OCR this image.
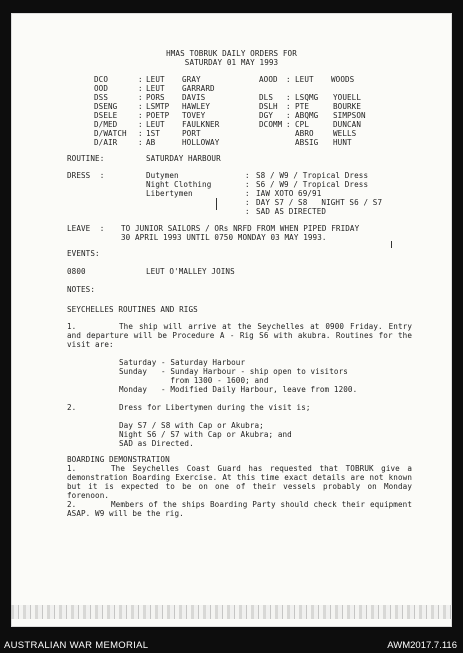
HMAS TOBRUK DAILY ORDERS FOR
SATURDAY 01 MAY 1993
DCO	: LEUT GRAY
OOD	: LEUT GARRARD
DSS	: PORS DAVIS
DSENG	: LSMTP HAWLEY
DSELE	: POETP TOVEY
D/MED	: LEUT FAULKNER
D/WATCH : 1ST	PORT
D/AIR	: AB	HOLLOWAY
AOOD : LEUT WOODS
DLS : LSQMG YOUELL
DSLH : PTE	BOURKE
DGY : ABQMG SIMPSON
DCOMM : CPL	DUNCAN
ABRO	WELLS
ABSIG HUNT
ROUTINE:	SATURDAY HARBOUR
DRESS  :	Dutymen	: S8 / W9 / Tropical Dress
Night Clothing	: S6 / W9 / Tropical Dress
Libertymen	: IAW XOTO 69/91
: DAY S7 / S8   NIGHT S6 / S7
: SAD AS DIRECTED
LEAVE  : TO JUNIOR SAILORS / ORs NRFD FROM WHEN PIPED FRIDAY
30 APRIL 1993 UNTIL 0750 MONDAY 03 MAY 1993.
EVENTS:
0800	LEUT O'MALLEY JOINS
NOTES:
SEYCHELLES ROUTINES AND RIGS
1.	The ship will arrive at the Seychelles at 0900 Friday. Entry and departure will be Procedure A - Rig S6 with akubra. Routines for the visit are:
Saturday - Saturday Harbour
Sunday   - Sunday Harbour - ship open to visitors
from 1300 - 1600; and
Monday   - Modified Daily Harbour, leave from 1200.
2.	Dress for Libertymen during the visit is;
Day S7 / S8 with Cap or Akubra;
Night S6 / S7 with Cap or Akubra; and
SAD as Directed.
BOARDING DEMONSTRATION
1.	The Seychelles Coast Guard has requested that TOBRUK give a demonstration Boarding Exercise. At this time exact details are not known but it is expected to be on one of their vessels probably on Monday forenoon.
2.	Members of the ships Boarding Party should check their equipment ASAP. W9 will be the rig.
AUSTRALIAN WAR MEMORIAL	AWM2017.7.116
